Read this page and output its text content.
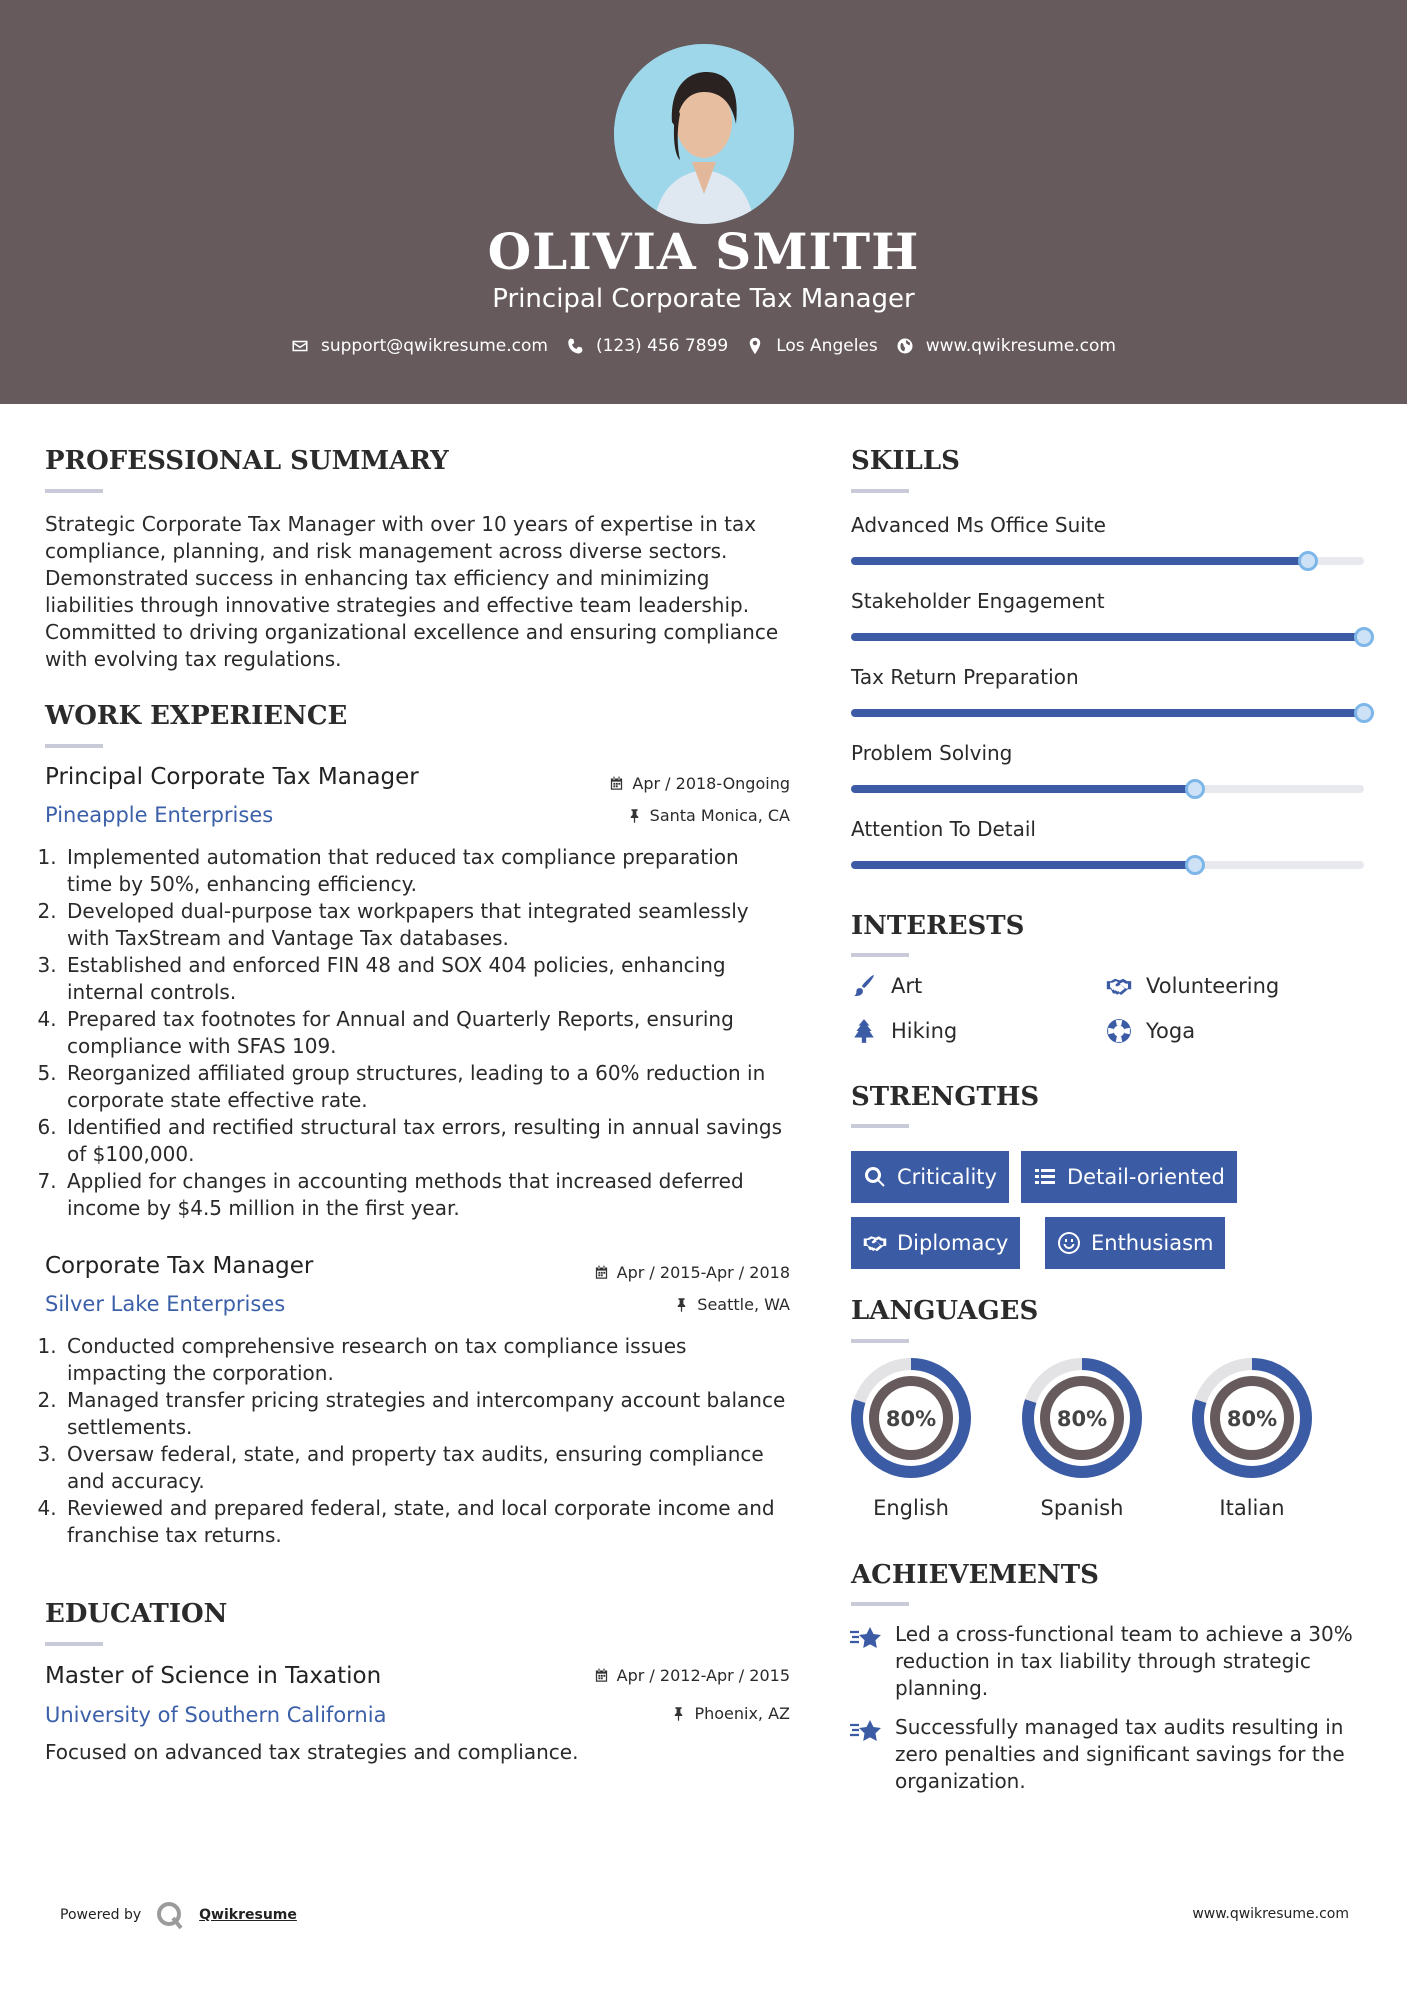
OLIVIA SMITH
Principal Corporate Tax Manager
support@qwikresume.com	(123) 456 7899	Los Angeles	www.qwikresume.com
PROFESSIONAL SUMMARY
Strategic Corporate Tax Manager with over 10 years of expertise in tax compliance, planning, and risk management across diverse sectors. Demonstrated success in enhancing tax efficiency and minimizing liabilities through innovative strategies and effective team leadership. Committed to driving organizational excellence and ensuring compliance with evolving tax regulations.
WORK EXPERIENCE
Principal Corporate Tax Manager
Pineapple Enterprises
Apr / 2018-Ongoing
Santa Monica, CA
1. Implemented automation that reduced tax compliance preparation time by 50%, enhancing efficiency.
2. Developed dual-purpose tax workpapers that integrated seamlessly with TaxStream and Vantage Tax databases.
3. Established and enforced FIN 48 and SOX 404 policies, enhancing internal controls.
4. Prepared tax footnotes for Annual and Quarterly Reports, ensuring compliance with SFAS 109.
5. Reorganized affiliated group structures, leading to a 60% reduction in corporate state effective rate.
6. Identified and rectified structural tax errors, resulting in annual savings of $100,000.
7. Applied for changes in accounting methods that increased deferred income by $4.5 million in the first year.
Corporate Tax Manager
Silver Lake Enterprises
Apr / 2015-Apr / 2018
Seattle, WA
1. Conducted comprehensive research on tax compliance issues impacting the corporation.
2. Managed transfer pricing strategies and intercompany account balance settlements.
3. Oversaw federal, state, and property tax audits, ensuring compliance and accuracy.
4. Reviewed and prepared federal, state, and local corporate income and franchise tax returns.
EDUCATION
Master of Science in Taxation
University of Southern California
Apr / 2012-Apr / 2015
Phoenix, AZ
Focused on advanced tax strategies and compliance.
SKILLS
Advanced Ms Office Suite
Stakeholder Engagement
Tax Return Preparation
Problem Solving
Attention To Detail
INTERESTS
Art	Volunteering
Hiking	Yoga
STRENGTHS
Criticality	Detail-oriented
Diplomacy	Enthusiasm
LANGUAGES
80%
English
80%
Spanish
80%
Italian
ACHIEVEMENTS
Led a cross-functional team to achieve a 30% reduction in tax liability through strategic planning.
Successfully managed tax audits resulting in zero penalties and significant savings for the organization.
Powered by	Qwikresume	www.qwikresume.com
